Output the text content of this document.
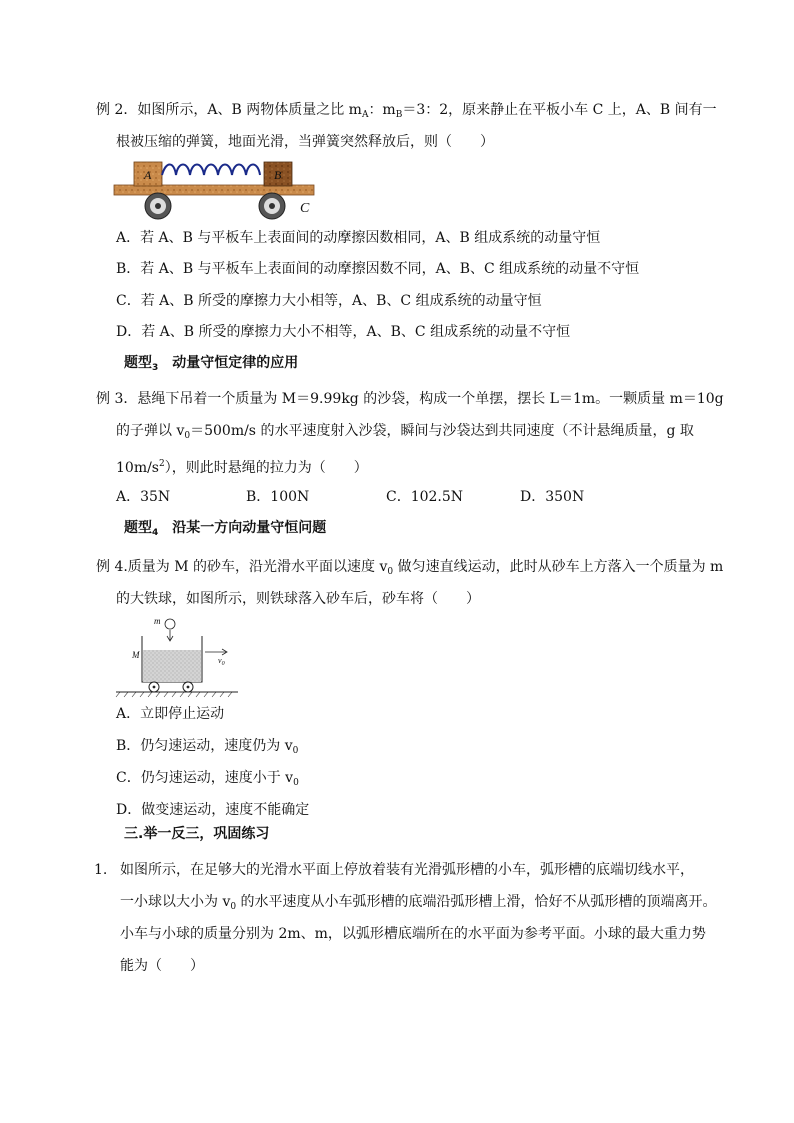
例 2．如图所示，A、B 两物体质量之比 $m_A$：$m_B=3$：2，原来静止在平板小车 C 上，A、B 间有一
根被压缩的弹簧，地面光滑，当弹簧突然释放后，则（　　）
A	B
C
A．若 A、B 与平板车上表面间的动摩擦因数相同，A、B 组成系统的动量守恒
B．若 A、B 与平板车上表面间的动摩擦因数不同，A、B、C 组成系统的动量不守恒
C．若 A、B 所受的摩擦力大小相等，A、B、C 组成系统的动量守恒
D．若 A、B 所受的摩擦力大小不相等，A、B、C 组成系统的动量不守恒
题型$_3$  动量守恒定律的应用
例 3．悬绳下吊着一个质量为 M＝9.99kg 的沙袋，构成一个单摆，摆长 L＝1m。一颗质量 m＝10g
的子弹以 $v_0=500m/s$ 的水平速度射入沙袋，瞬间与沙袋达到共同速度（不计悬绳质量，g 取
$10m/s^2$），则此时悬绳的拉力为（　　）
A．35N	B．100N	C．102.5N	D．350N
题型$_4$  沿某一方向动量守恒问题
例 4.质量为 M 的砂车，沿光滑水平面以速度 $v_0$ 做匀速直线运动，此时从砂车上方落入一个质量为 m
的大铁球，如图所示，则铁球落入砂车后，砂车将（　　）
m
M
$v_0$
A．立即停止运动
B．仍匀速运动，速度仍为 $v_0$
C．仍匀速运动，速度小于 $v_0$
D．做变速运动，速度不能确定
三.举一反三，巩固练习
1. 如图所示，在足够大的光滑水平面上停放着装有光滑弧形槽的小车，弧形槽的底端切线水平，
一小球以大小为 $v_0$ 的水平速度从小车弧形槽的底端沿弧形槽上滑，恰好不从弧形槽的顶端离开。
小车与小球的质量分别为 2m、m，以弧形槽底端所在的水平面为参考平面。小球的最大重力势
能为（　　）
